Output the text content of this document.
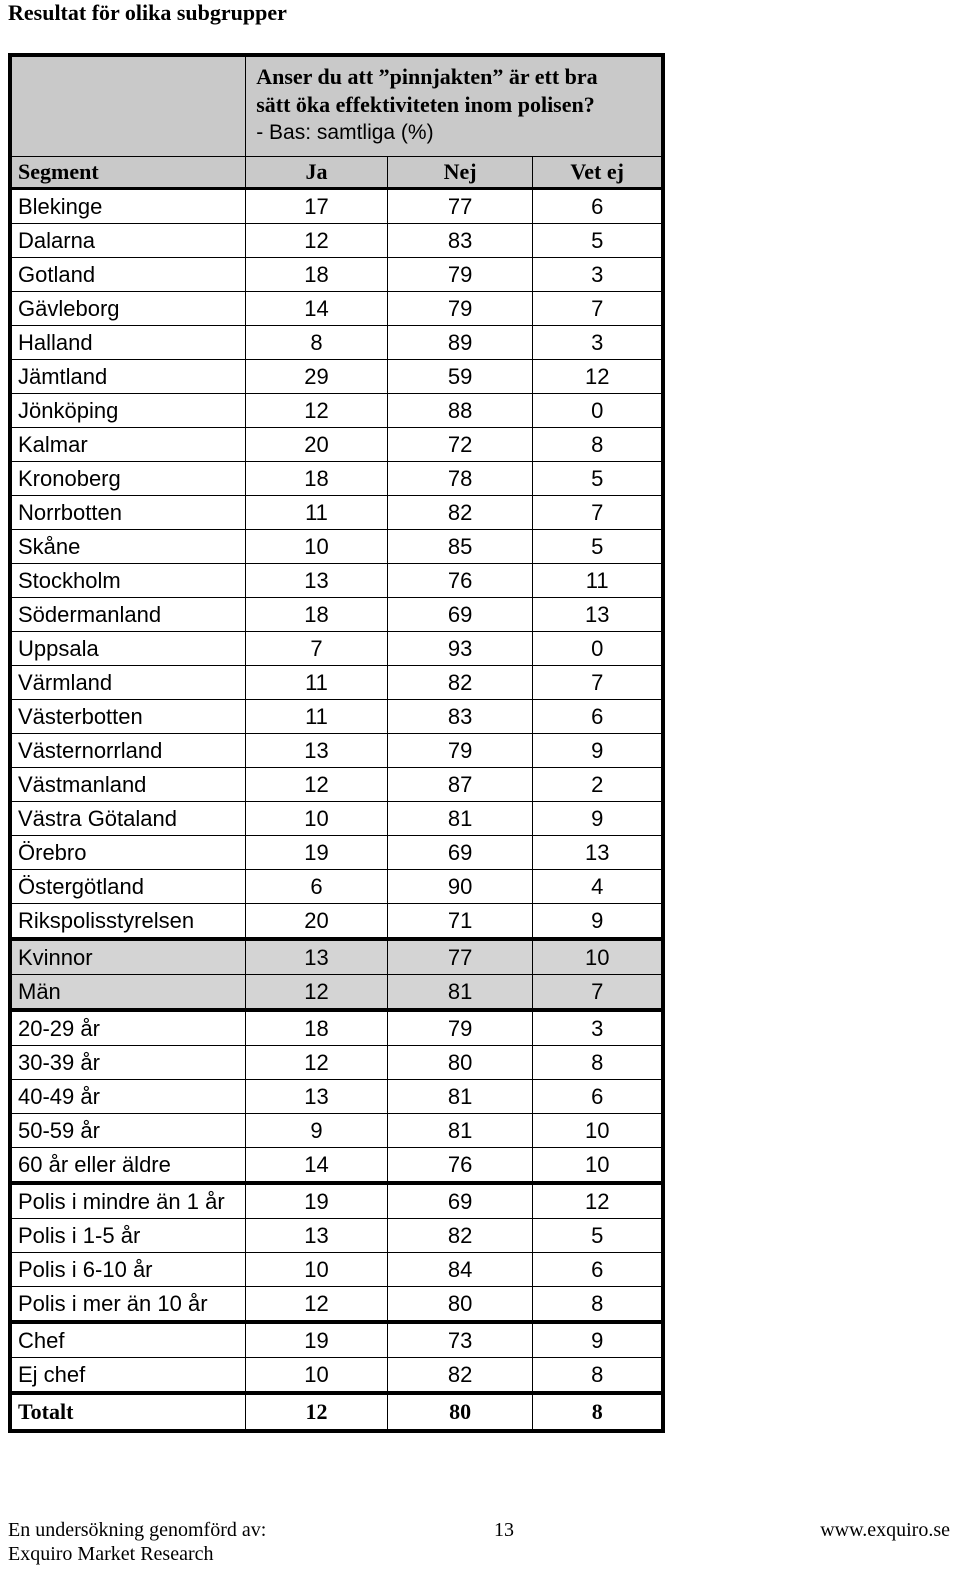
Resultat för olika subgrupper

	Anser du att ”pinnjakten” är ett bra
sätt öka effektiviteten inom polisen?
- Bas: samtliga (%)		

Segment	Ja	Nej	Vet ej
Blekinge	17	77	6
Dalarna	12	83	5
Gotland	18	79	3
Gävleborg	14	79	7
Halland	8	89	3
Jämtland	29	59	12
Jönköping	12	88	0
Kalmar	20	72	8
Kronoberg	18	78	5
Norrbotten	11	82	7
Skåne	10	85	5
Stockholm	13	76	11
Södermanland	18	69	13
Uppsala	7	93	0
Värmland	11	82	7
Västerbotten	11	83	6
Västernorrland	13	79	9
Västmanland	12	87	2
Västra Götaland	10	81	9
Örebro	19	69	13
Östergötland	6	90	4
Rikspolisstyrelsen	20	71	9
Kvinnor	13	77	10
Män	12	81	7
20-29 år	18	79	3
30-39 år	12	80	8
40-49 år	13	81	6
50-59 år	9	81	10
60 år eller äldre	14	76	10
Polis i mindre än 1 år	19	69	12
Polis i 1-5 år	13	82	5
Polis i 6-10 år	10	84	6
Polis i mer än 10 år	12	80	8
Chef	19	73	9
Ej chef	10	82	8
Totalt	12	80	8
En undersökning genomförd av:
Exquiro Market Research
13	www.exquiro.se
